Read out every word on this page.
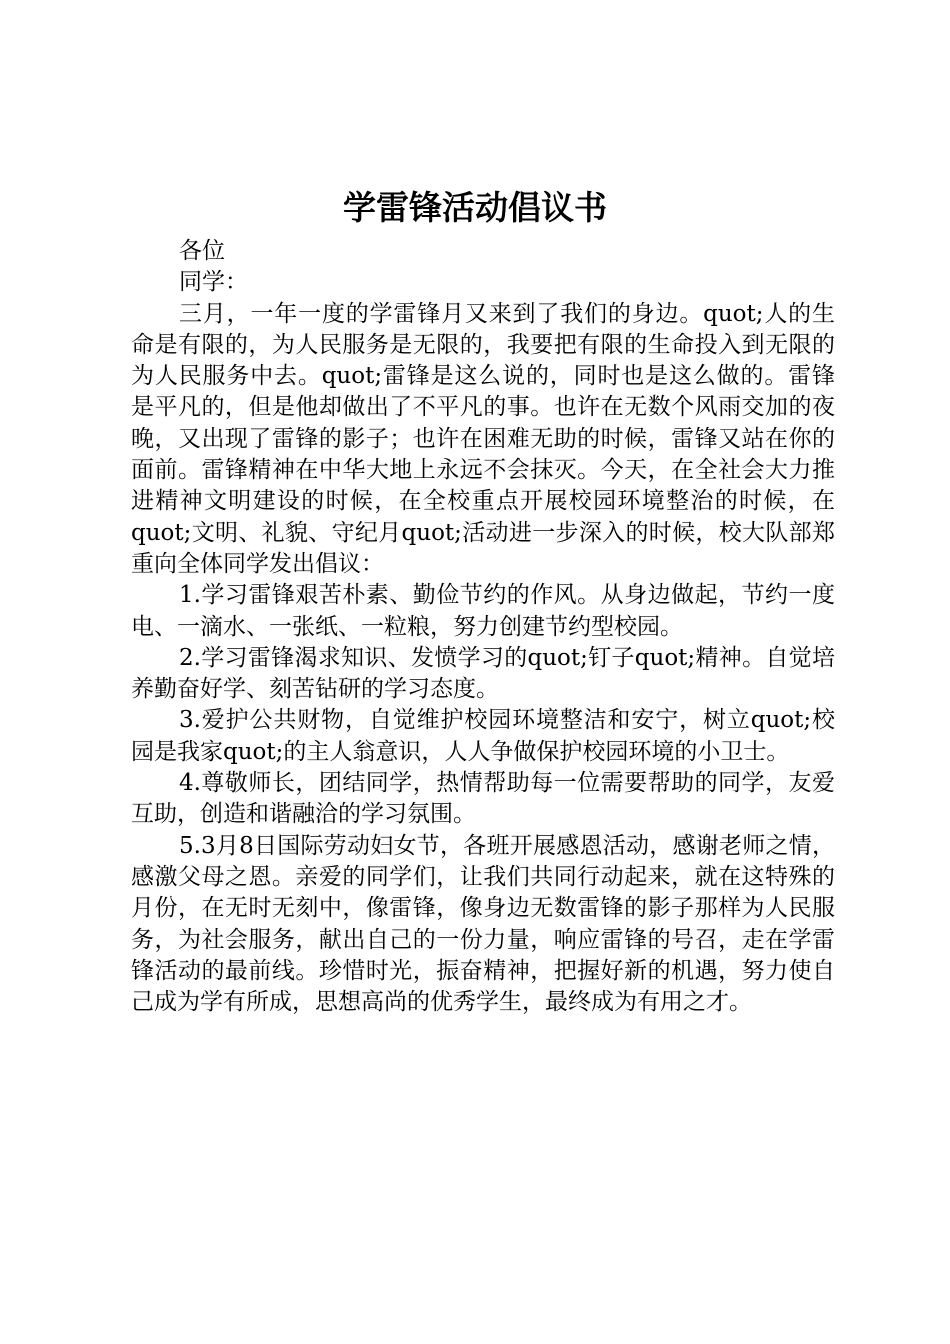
学雷锋活动倡议书

各位

同学：

三月，一年一度的学雷锋月又来到了我们的身边。quot;人的生命是有限的，为人民服务是无限的，我要把有限的生命投入到无限的为人民服务中去。quot;雷锋是这么说的，同时也是这么做的。雷锋是平凡的，但是他却做出了不平凡的事。也许在无数个风雨交加的夜晚，又出现了雷锋的影子；也许在困难无助的时候，雷锋又站在你的面前。雷锋精神在中华大地上永远不会抹灭。今天，在全社会大力推进精神文明建设的时候，在全校重点开展校园环境整治的时候，在quot;文明、礼貌、守纪月quot;活动进一步深入的时候，校大队部郑重向全体同学发出倡议：

1.学习雷锋艰苦朴素、勤俭节约的作风。从身边做起，节约一度电、一滴水、一张纸、一粒粮，努力创建节约型校园。

2.学习雷锋渴求知识、发愤学习的quot;钉子quot;精神。自觉培养勤奋好学、刻苦钻研的学习态度。

3.爱护公共财物，自觉维护校园环境整洁和安宁，树立quot;校园是我家quot;的主人翁意识，人人争做保护校园环境的小卫士。

4.尊敬师长，团结同学，热情帮助每一位需要帮助的同学，友爱互助，创造和谐融洽的学习氛围。

5.3月8日国际劳动妇女节，各班开展感恩活动，感谢老师之情，感激父母之恩。亲爱的同学们，让我们共同行动起来，就在这特殊的月份，在无时无刻中，像雷锋，像身边无数雷锋的影子那样为人民服务，为社会服务，献出自己的一份力量，响应雷锋的号召，走在学雷锋活动的最前线。珍惜时光，振奋精神，把握好新的机遇，努力使自己成为学有所成，思想高尚的优秀学生，最终成为有用之才。
